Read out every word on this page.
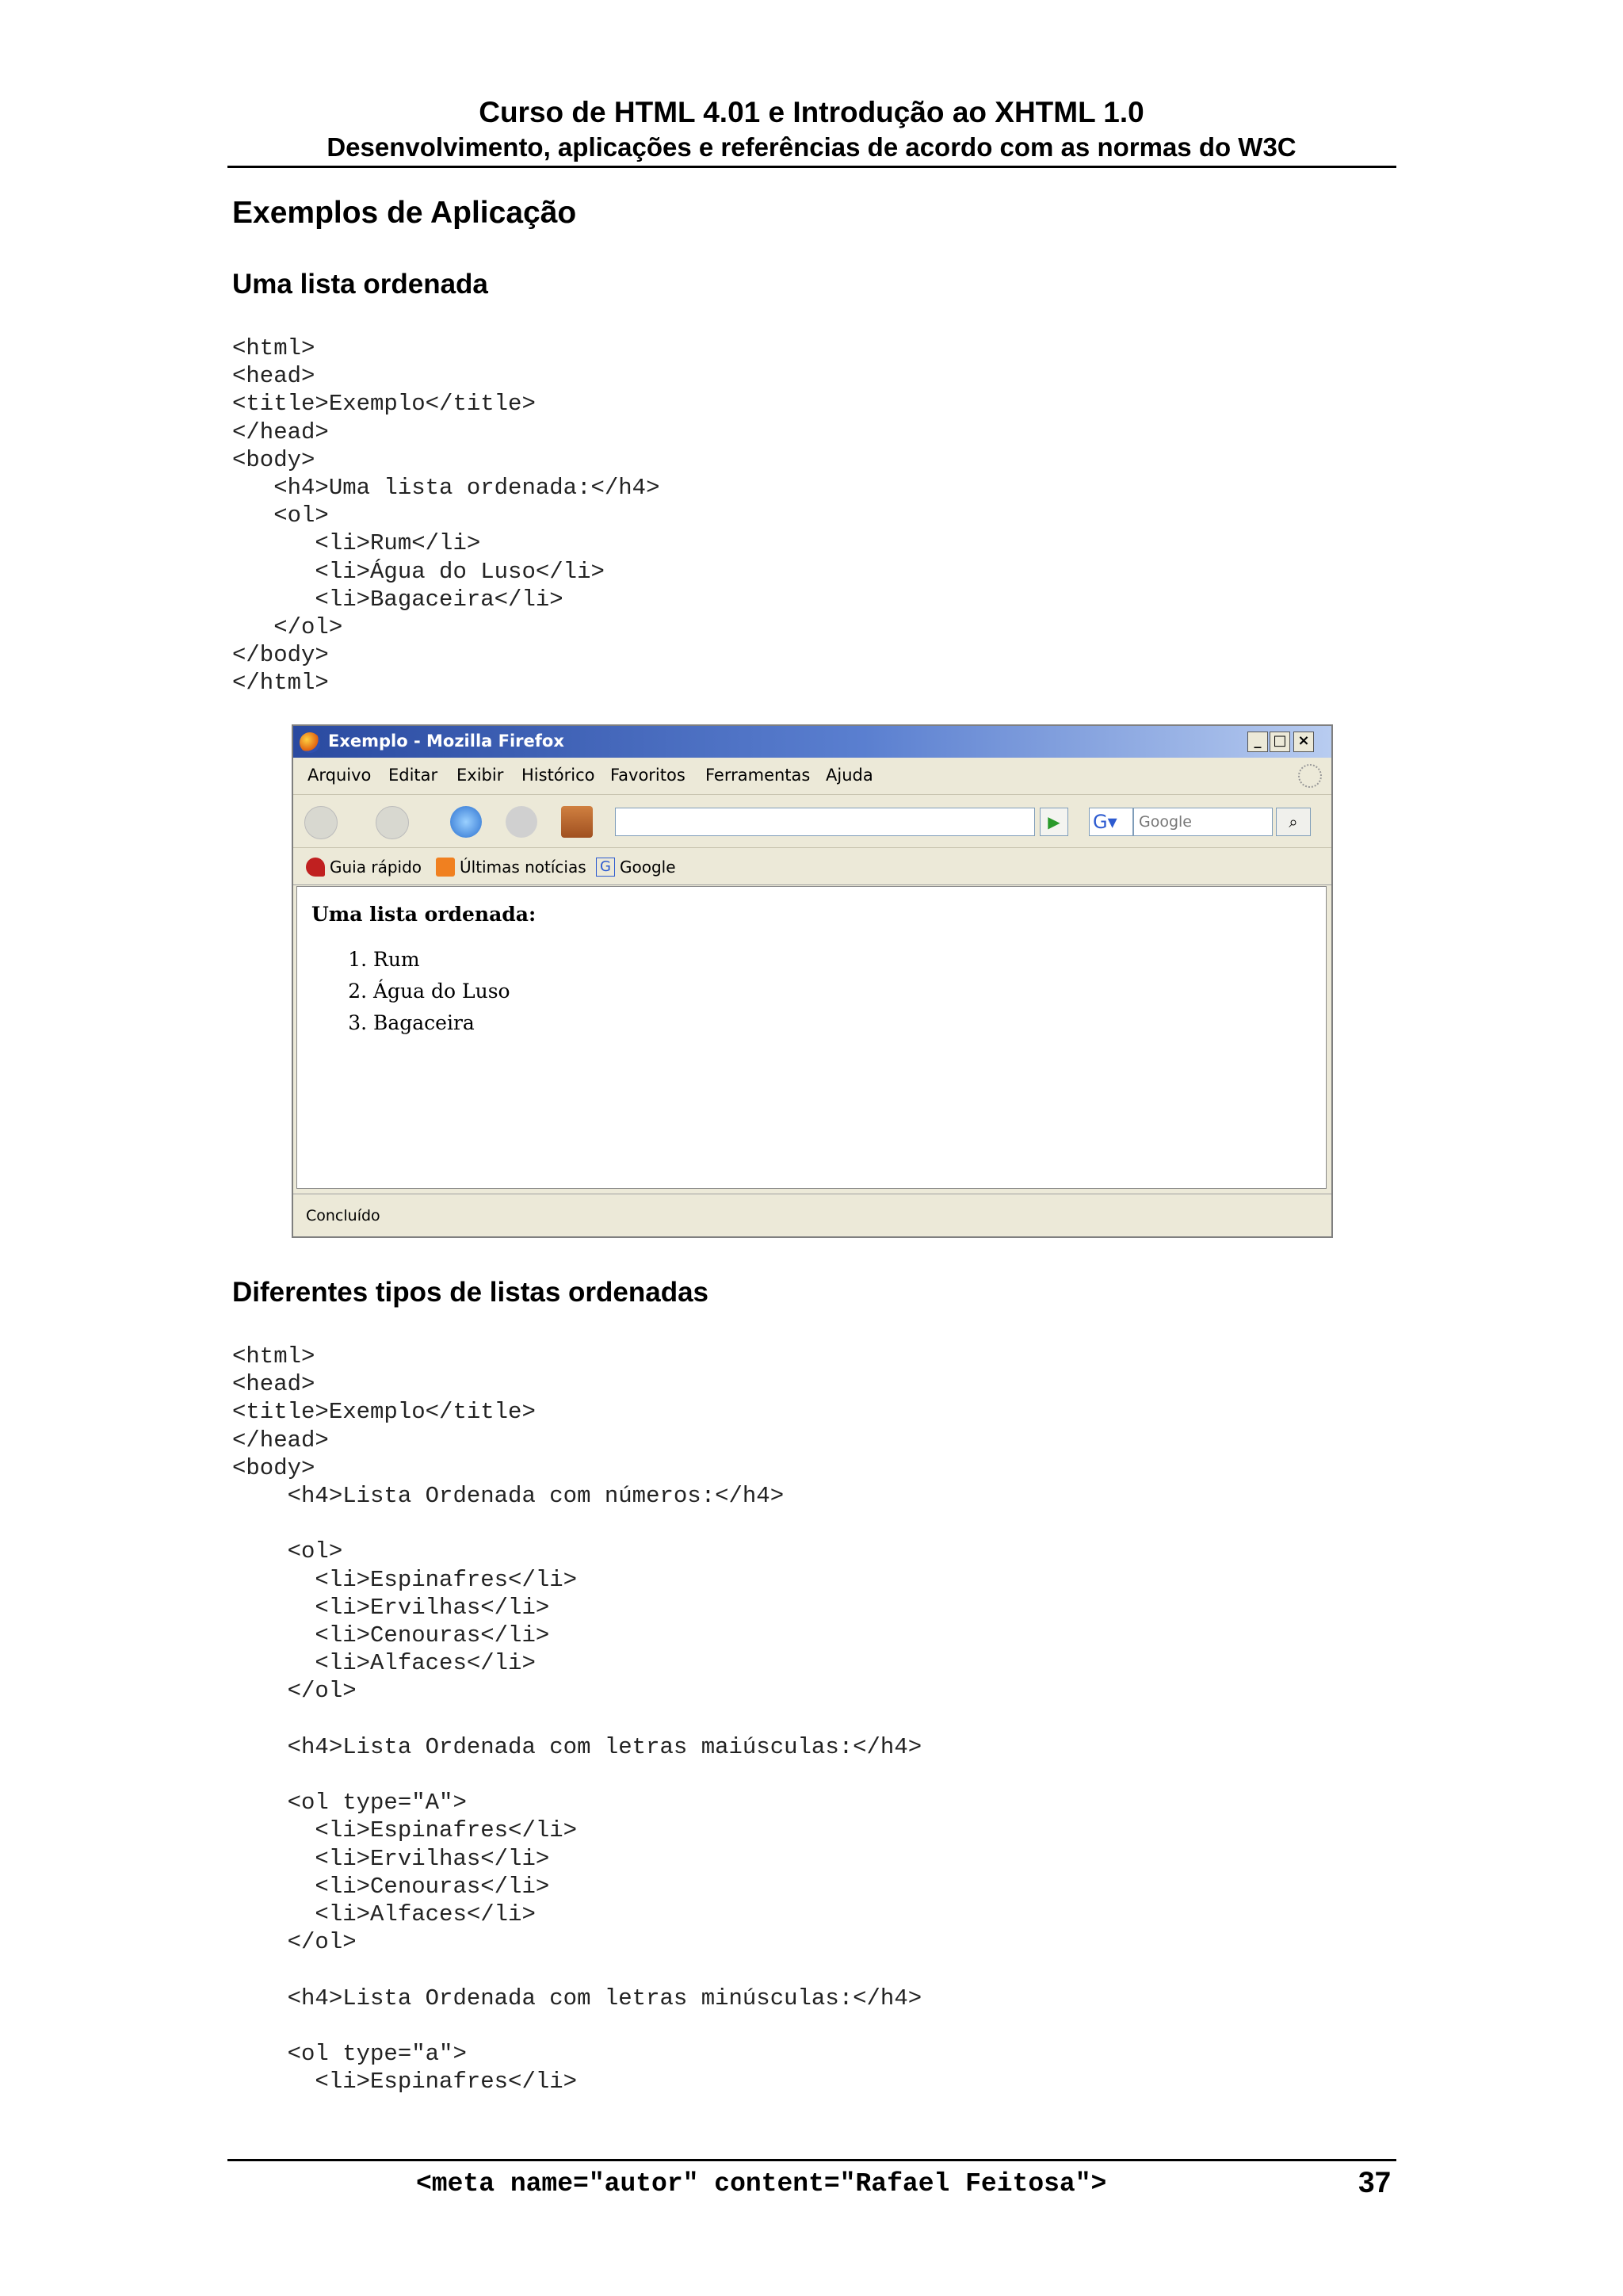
Curso de HTML 4.01 e Introdução ao XHTML 1.0
Desenvolvimento, aplicações e referências de acordo com as normas do W3C
Exemplos de Aplicação
Uma lista ordenada
<html>
<head>
<title>Exemplo</title>
</head>
<body>
<h4>Uma lista ordenada:</h4>
<ol>
<li>Rum</li>
<li>Água do Luso</li>
<li>Bagaceira</li>
</ol>
</body>
</html>
Exemplo - Mozilla Firefox	_ □ ×
Arquivo Editar Exibir Histórico Favoritos Ferramentas Ajuda
▶	G▾	Google	⌕
Guia rápido Últimas notícias G Google
Uma lista ordenada:
1. Rum
2. Água do Luso
3. Bagaceira
Concluído
Diferentes tipos de listas ordenadas
<html>
<head>
<title>Exemplo</title>
</head>
<body>
<h4>Lista Ordenada com números:</h4>

<ol>
<li>Espinafres</li>
<li>Ervilhas</li>
<li>Cenouras</li>
<li>Alfaces</li>
</ol>

<h4>Lista Ordenada com letras maiúsculas:</h4>

<ol type="A">
<li>Espinafres</li>
<li>Ervilhas</li>
<li>Cenouras</li>
<li>Alfaces</li>
</ol>

<h4>Lista Ordenada com letras minúsculas:</h4>

<ol type="a">
<li>Espinafres</li>
<meta name="autor" content="Rafael Feitosa">	37
